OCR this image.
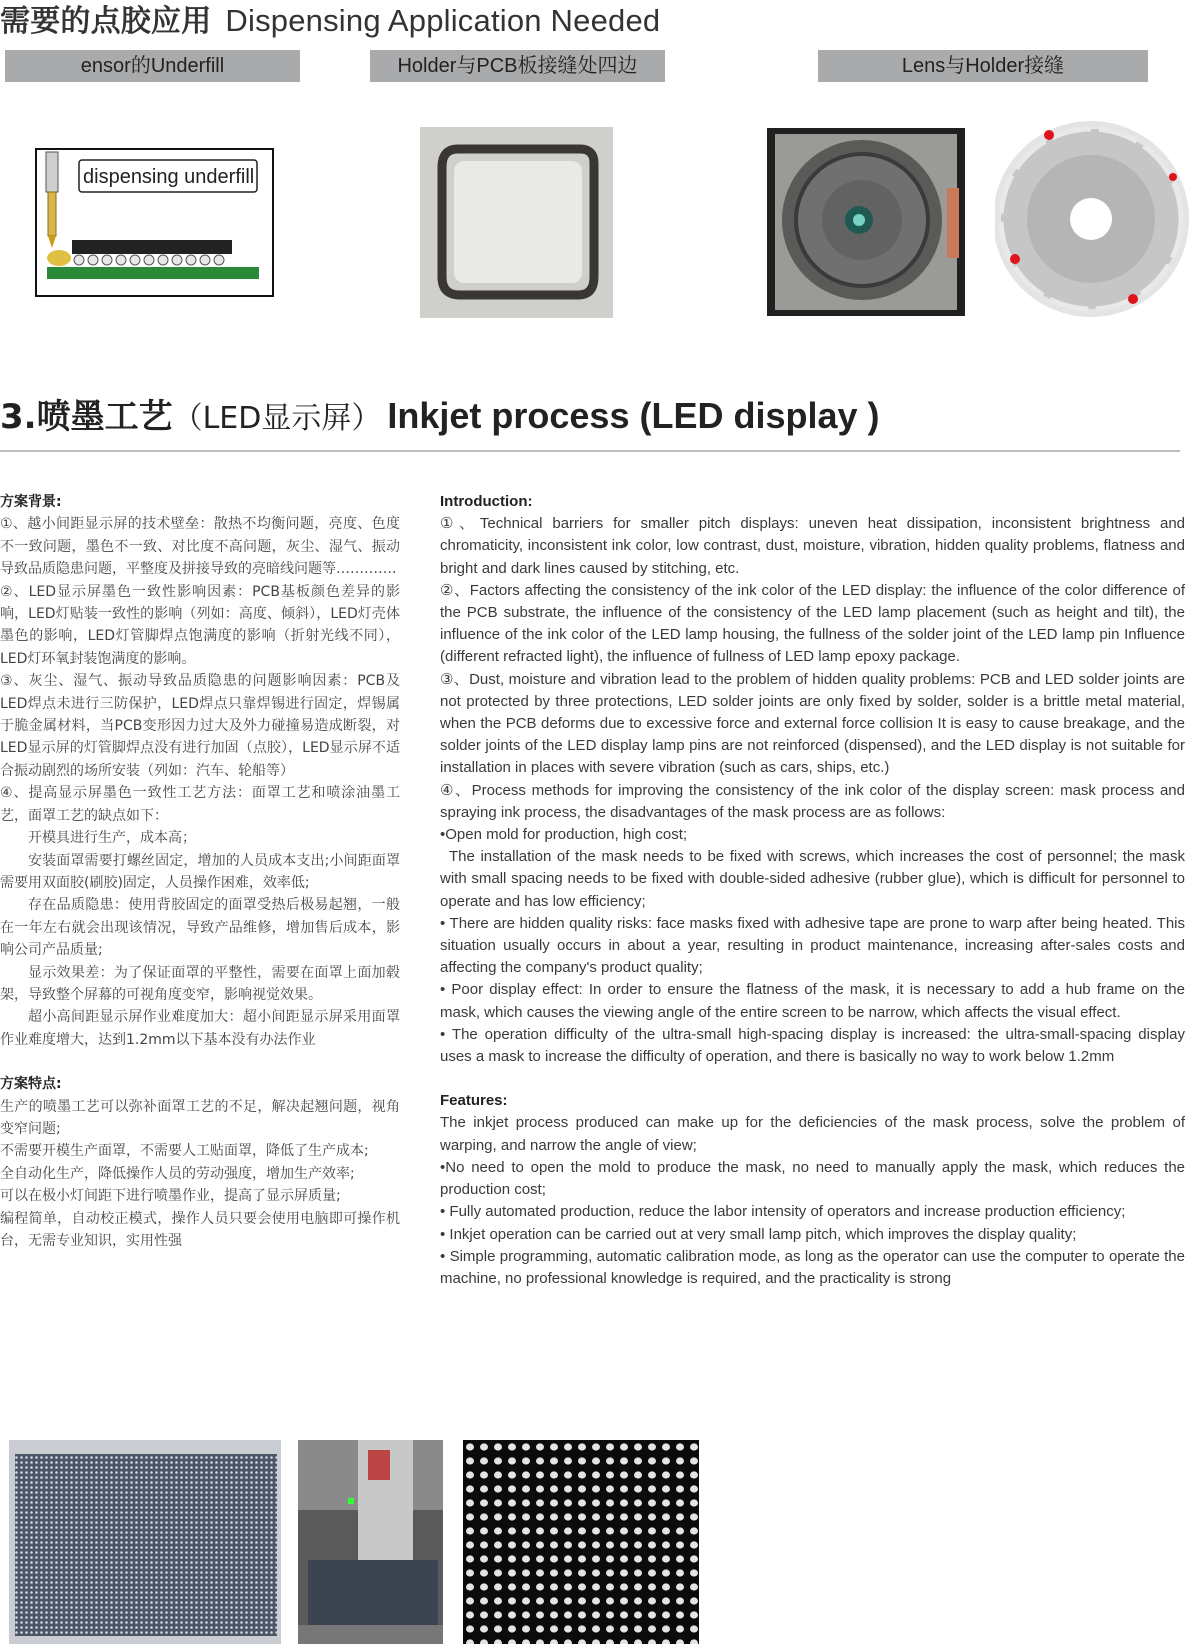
需要的点胶应用 Dispensing Application Needed
ensor的Underfill	Holder与PCB板接缝处四边	Lens与Holder接缝
dispensing underfill
3.喷墨工艺（LED显示屏） Inkjet process (LED display )

方案背景:

①、越小间距显示屏的技术壁垒：散热不均衡问题，亮度、色度不一致问题，墨色不一致、对比度不高问题，灰尘、湿气、振动导致品质隐患问题，平整度及拼接导致的亮暗线问题等………….

②、LED显示屏墨色一致性影响因素：PCB基板颜色差异的影响，LED灯贴装一致性的影响（列如：高度、倾斜），LED灯壳体墨色的影响，LED灯管脚焊点饱满度的影响（折射光线不同），LED灯环氧封装饱满度的影响。

③、灰尘、湿气、振动导致品质隐患的问题影响因素：PCB及LED焊点未进行三防保护，LED焊点只靠焊锡进行固定，焊锡属于脆金属材料，当PCB变形因力过大及外力碰撞易造成断裂，对LED显示屏的灯管脚焊点没有进行加固（点胶），LED显示屏不适合振动剧烈的场所安装（列如：汽车、轮船等）

④、提高显示屏墨色一致性工艺方法：面罩工艺和喷涂油墨工艺，面罩工艺的缺点如下：

开模具进行生产，成本高；

安装面罩需要打螺丝固定，增加的人员成本支出;小间距面罩需要用双面胶(刷胶)固定，人员操作困难，效率低;

存在品质隐患：使用背胶固定的面罩受热后极易起翘，一般在一年左右就会出现该情况，导致产品维修，增加售后成本，影响公司产品质量;

显示效果差：为了保证面罩的平整性，需要在面罩上面加毂架，导致整个屏幕的可视角度变窄，影响视觉效果。

超小高间距显示屏作业难度加大：超小间距显示屏采用面罩作业难度增大，达到1.2mm以下基本没有办法作业

方案特点:

生产的喷墨工艺可以弥补面罩工艺的不足，解决起翘问题，视角变窄问题;

不需要开模生产面罩，不需要人工贴面罩，降低了生产成本;

全自动化生产，降低操作人员的劳动强度，增加生产效率;

可以在极小灯间距下进行喷墨作业，提高了显示屏质量;

编程简单，自动校正模式，操作人员只要会使用电脑即可操作机台，无需专业知识，实用性强

Introduction:

①、Technical barriers for smaller pitch displays: uneven heat dissipation, inconsistent brightness and chromaticity, inconsistent ink color, low contrast, dust, moisture, vibration, hidden quality problems, flatness and bright and dark lines caused by stitching, etc.

②、Factors affecting the consistency of the ink color of the LED display: the influence of the color difference of the PCB substrate, the influence of the consistency of the LED lamp placement (such as height and tilt), the influence of the ink color of the LED lamp housing, the fullness of the solder joint of the LED lamp pin Influence (different refracted light), the influence of fullness of LED lamp epoxy package.

③、Dust, moisture and vibration lead to the problem of hidden quality problems: PCB and LED solder joints are not protected by three protections, LED solder joints are only fixed by solder, solder is a brittle metal material, when the PCB deforms due to excessive force and external force collision It is easy to cause breakage, and the solder joints of the LED display lamp pins are not reinforced (dispensed), and the LED display is not suitable for installation in places with severe vibration (such as cars, ships, etc.)

④、Process methods for improving the consistency of the ink color of the display screen: mask process and spraying ink process, the disadvantages of the mask process are as follows:

•Open mold for production, high cost;

The installation of the mask needs to be fixed with screws, which increases the cost of personnel; the mask with small spacing needs to be fixed with double-sided adhesive (rubber glue), which is difficult for personnel to operate and has low efficiency;

• There are hidden quality risks: face masks fixed with adhesive tape are prone to warp after being heated. This situation usually occurs in about a year, resulting in product maintenance, increasing after-sales costs and affecting the company's product quality;

• Poor display effect: In order to ensure the flatness of the mask, it is necessary to add a hub frame on the mask, which causes the viewing angle of the entire screen to be narrow, which affects the visual effect.

• The operation difficulty of the ultra-small high-spacing display is increased: the ultra-small-spacing display uses a mask to increase the difficulty of operation, and there is basically no way to work below 1.2mm

Features:

The inkjet process produced can make up for the deficiencies of the mask process, solve the problem of warping, and narrow the angle of view;

•No need to open the mold to produce the mask, no need to manually apply the mask, which reduces the production cost;

• Fully automated production, reduce the labor intensity of operators and increase production efficiency;

• Inkjet operation can be carried out at very small lamp pitch, which improves the display quality;

• Simple programming, automatic calibration mode, as long as the operator can use the computer to operate the machine, no professional knowledge is required, and the practicality is strong
